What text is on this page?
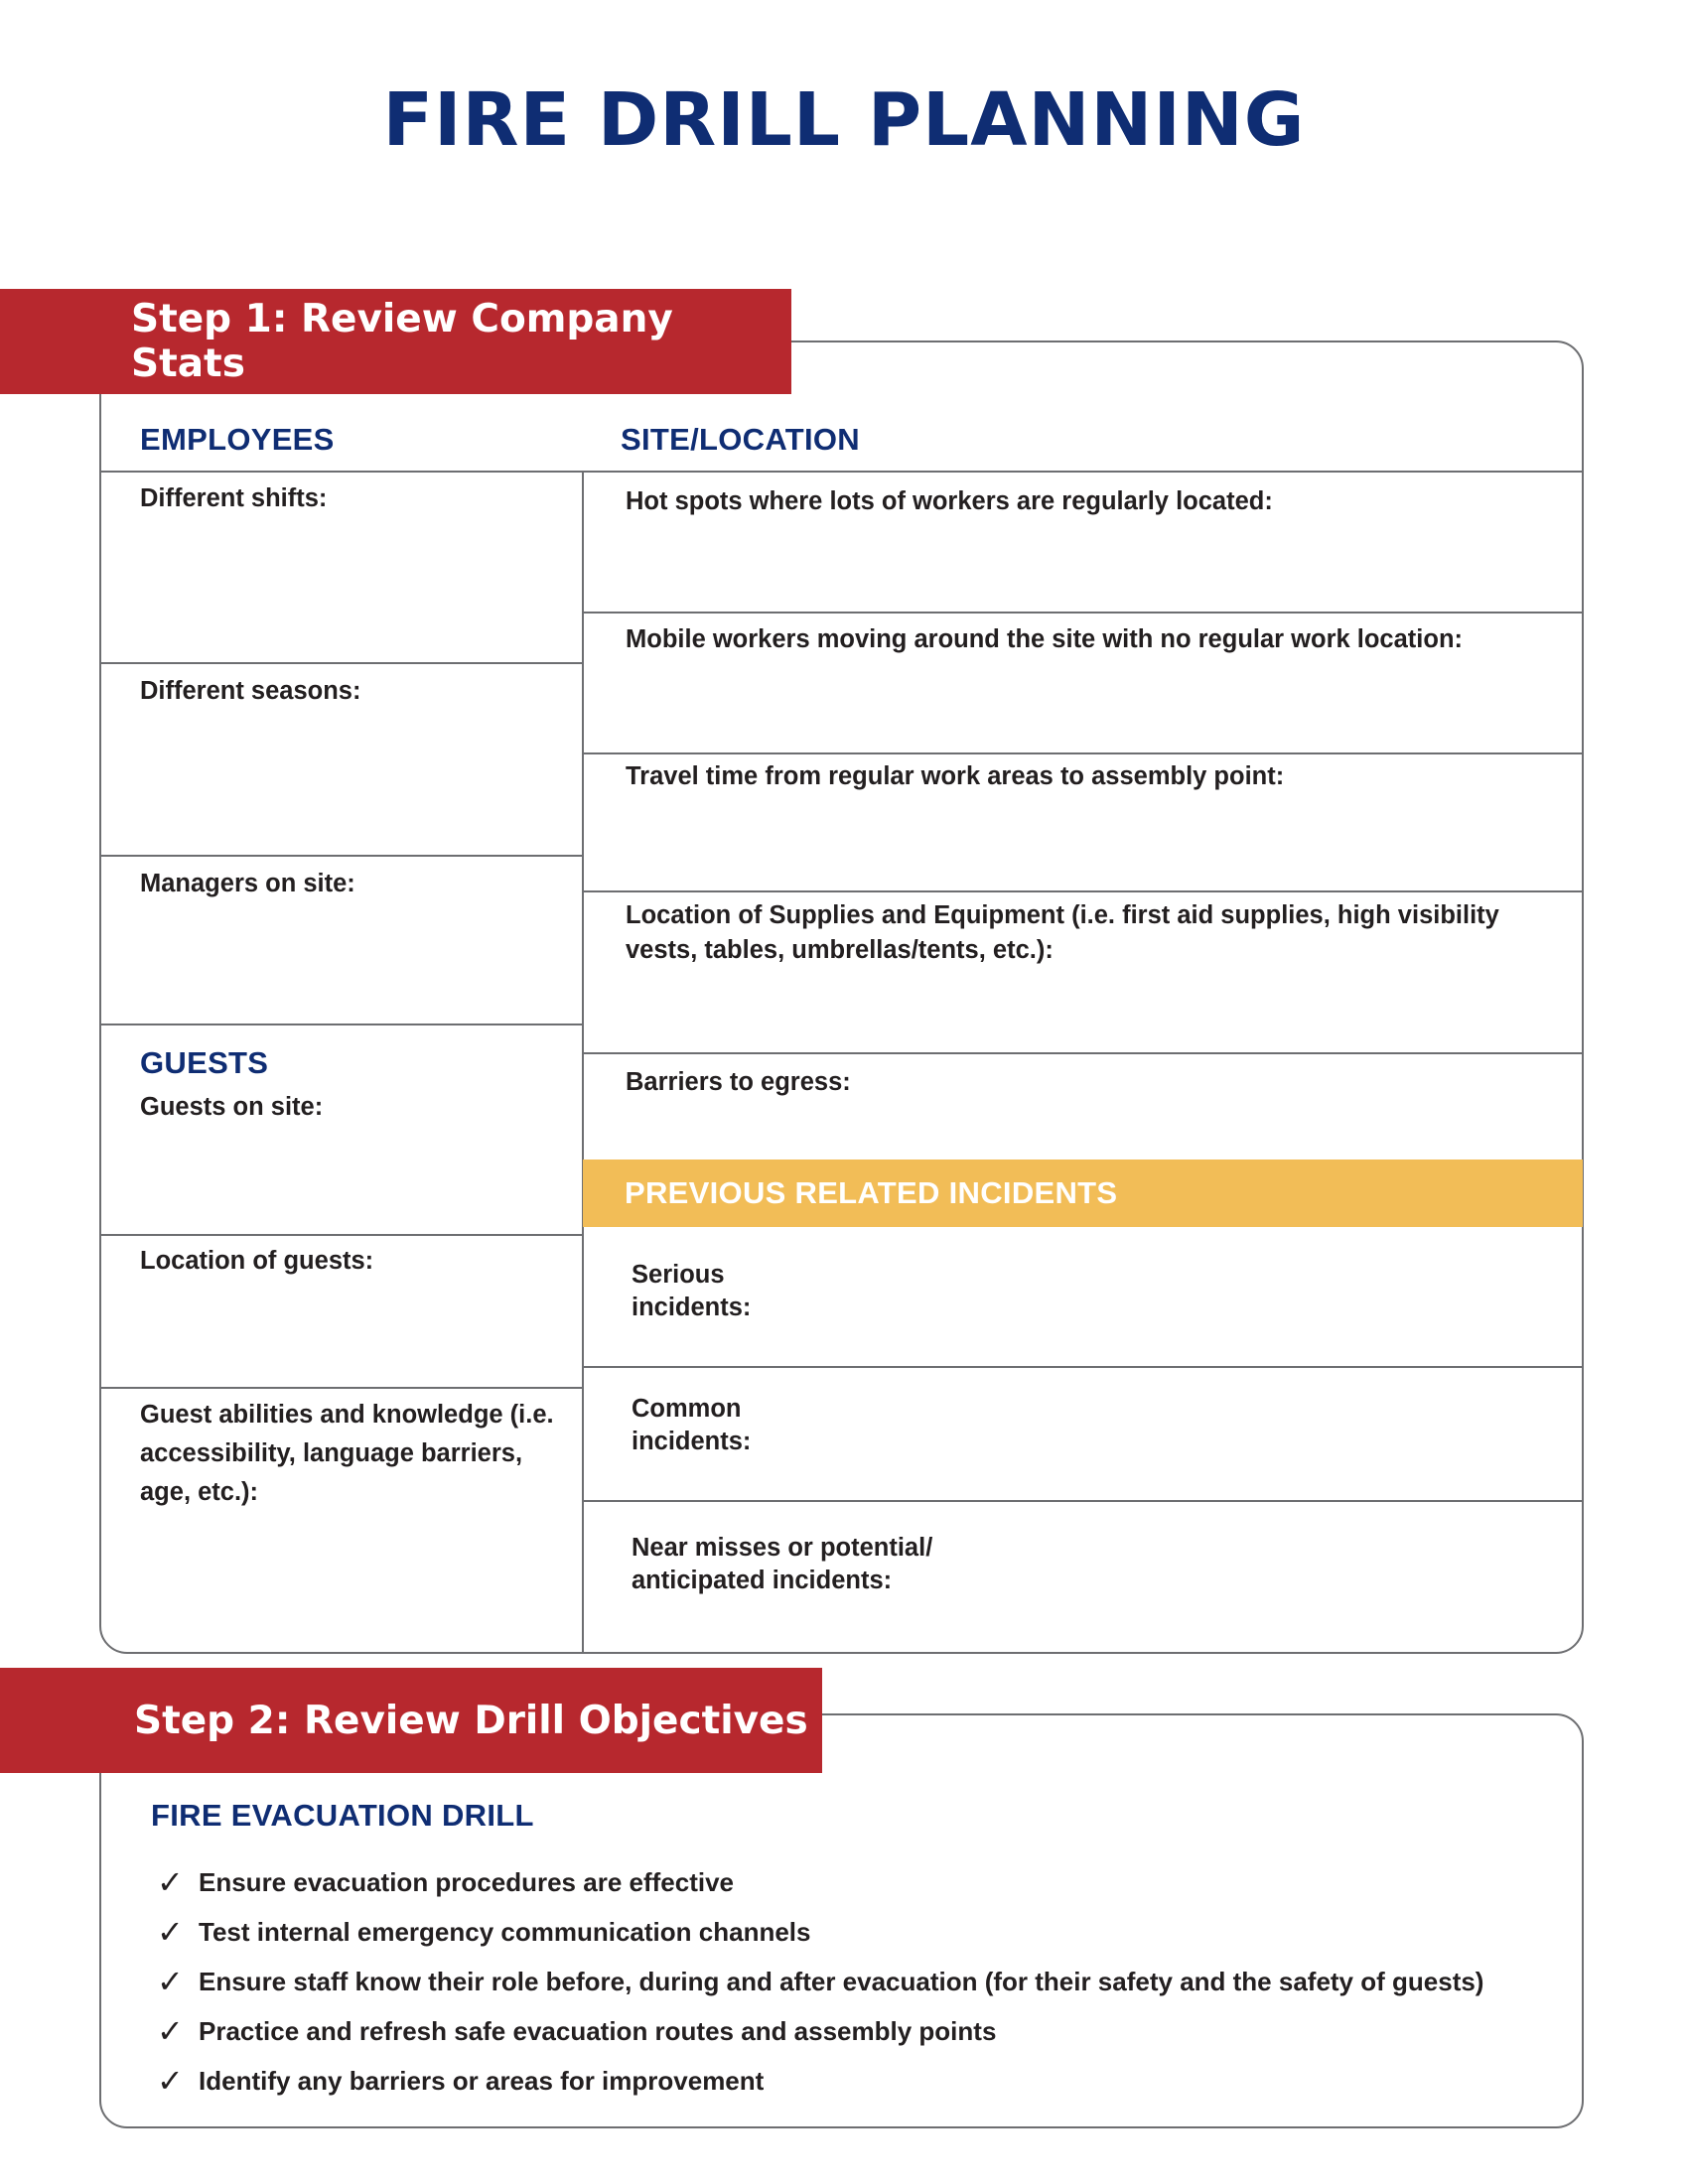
FIRE DRILL PLANNING
Step 1: Review Company Stats
EMPLOYEES	SITE/LOCATION
GUESTS
Different shifts:
Different seasons:
Managers on site:
Guests on site:
Location of guests:
Guest abilities and knowledge (i.e.
accessibility, language barriers,
age, etc.):
Hot spots where lots of workers are regularly located:
Mobile workers moving around the site with no regular work location:
Travel time from regular work areas to assembly point:
Location of Supplies and Equipment (i.e. first aid supplies, high visibility
vests, tables, umbrellas/tents, etc.):
Barriers to egress:
PREVIOUS RELATED INCIDENTS
Serious
incidents:
Common
incidents:
Near misses or potential/
anticipated incidents:
Step 2: Review Drill Objectives
FIRE EVACUATION DRILL
✓ Ensure evacuation procedures are effective
✓ Test internal emergency communication channels
✓ Ensure staff know their role before, during and after evacuation (for their safety and the safety of guests)
✓ Practice and refresh safe evacuation routes and assembly points
✓ Identify any barriers or areas for improvement
